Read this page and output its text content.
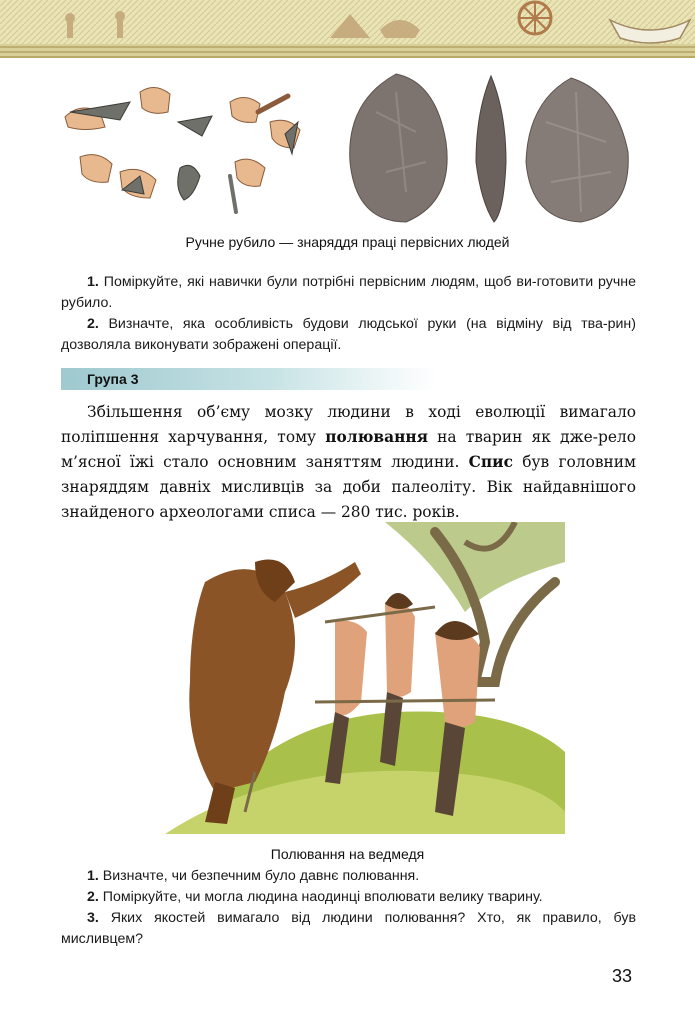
Ручне рубило — знаряддя праці первісних людей

1. Поміркуйте, які навички були потрібні первісним людям, щоб ви-готовити ручне рубило.

2. Визначте, яка особливість будови людської руки (на відміну від тва-рин) дозволяла виконувати зображені операції.

Група 3

Збільшення об’єму мозку людини в ході еволюції вимагало поліпшення харчування, тому полювання на тварин як дже-рело м’ясної їжі стало основним заняттям людини. Спис був головним знаряддям давніх мисливців за доби палеоліту. Вік найдавнішого знайденого археологами списа — 280 тис. років.

Полювання на ведмедя

1. Визначте, чи безпечним було давнє полювання.

2. Поміркуйте, чи могла людина наодинці вполювати велику тварину.

3. Яких якостей вимагало від людини полювання? Хто, як правило, був мисливцем?

33
